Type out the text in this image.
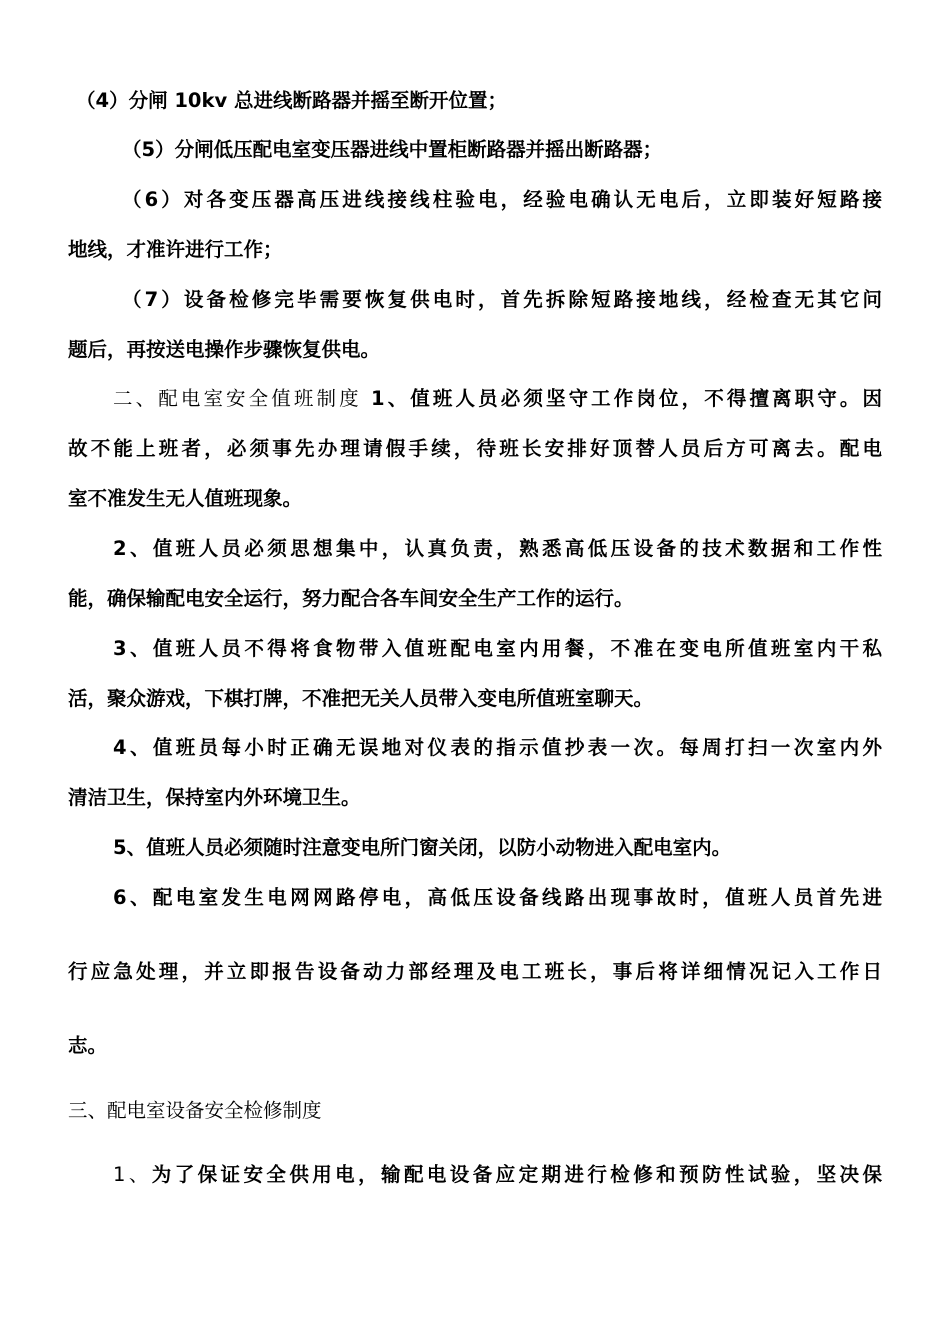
（4）分闸 10kv 总进线断路器并摇至断开位置；
（5）分闸低压配电室变压器进线中置柜断路器并摇出断路器；
（6）对各变压器高压进线接线柱验电，经验电确认无电后，立即装好短路接
地线，才准许进行工作；
（7）设备检修完毕需要恢复供电时，首先拆除短路接地线，经检查无其它问
题后，再按送电操作步骤恢复供电。
二、配电室安全值班制度 1、值班人员必须坚守工作岗位，不得擅离职守。因
故不能上班者，必须事先办理请假手续，待班长安排好顶替人员后方可离去。配电
室不准发生无人值班现象。
2、值班人员必须思想集中，认真负责，熟悉高低压设备的技术数据和工作性
能，确保输配电安全运行，努力配合各车间安全生产工作的运行。
3、值班人员不得将食物带入值班配电室内用餐，不准在变电所值班室内干私
活，聚众游戏，下棋打牌，不准把无关人员带入变电所值班室聊天。
4、值班员每小时正确无误地对仪表的指示值抄表一次。每周打扫一次室内外
清洁卫生，保持室内外环境卫生。
5、值班人员必须随时注意变电所门窗关闭，以防小动物进入配电室内。
6、配电室发生电网网路停电，高低压设备线路出现事故时，值班人员首先进
行应急处理，并立即报告设备动力部经理及电工班长，事后将详细情况记入工作日
志。
三、配电室设备安全检修制度
1、为了保证安全供用电，输配电设备应定期进行检修和预防性试验，坚决保
